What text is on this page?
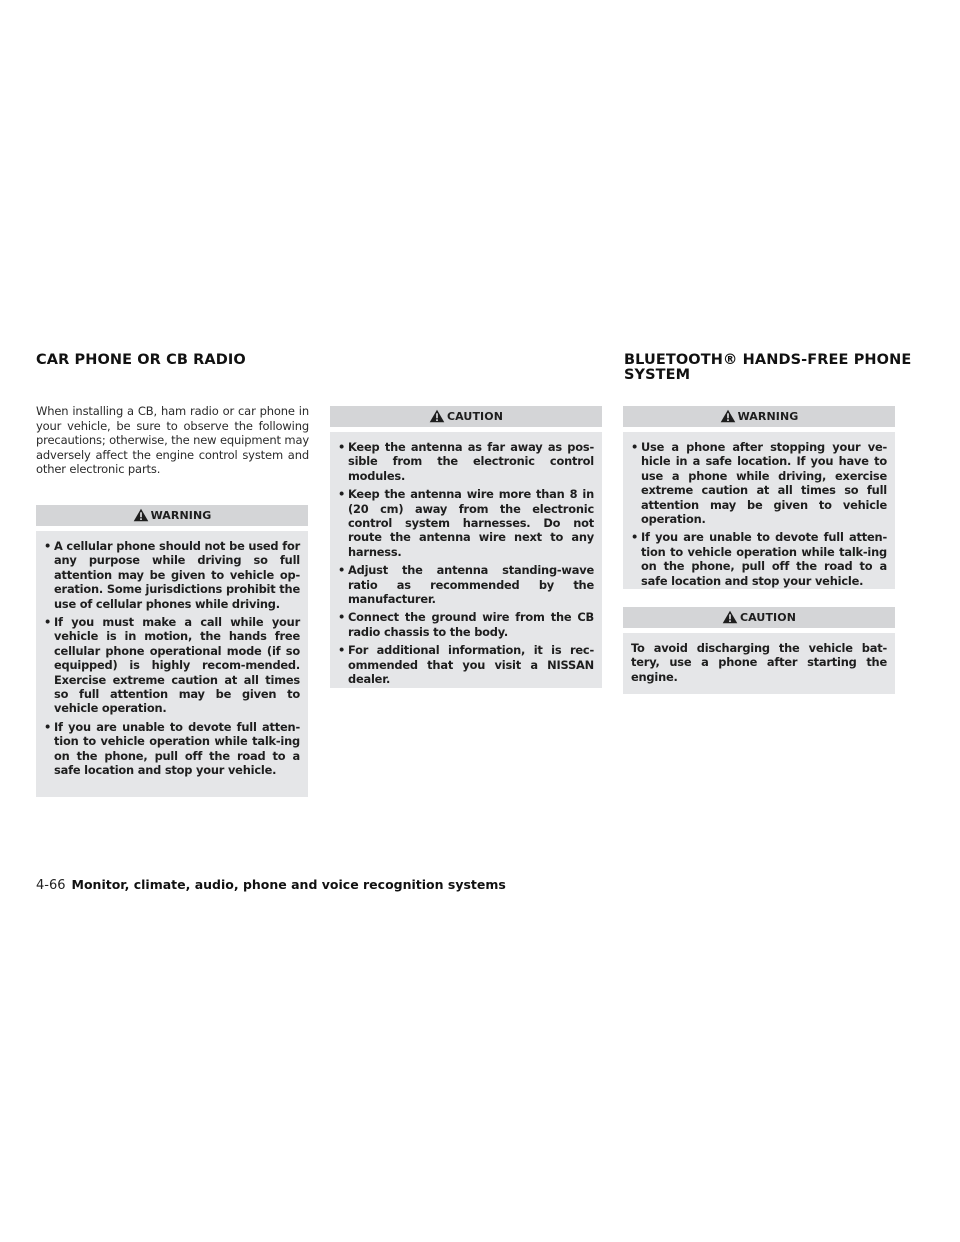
CAR PHONE OR CB RADIO	BLUETOOTH® HANDS-FREE PHONE
SYSTEM

When installing a CB, ham radio or car phone in your vehicle, be sure to observe the following precautions; otherwise, the new equipment may adversely affect the engine control system and other electronic parts.

WARNING
• A cellular phone should not be used for any purpose while driving so full attention may be given to vehicle op-eration. Some jurisdictions prohibit the use of cellular phones while driving.
• If you must make a call while your vehicle is in motion, the hands free cellular phone operational mode (if so equipped) is highly recom-mended. Exercise extreme caution at all times so full attention may be given to vehicle operation.
• If you are unable to devote full atten-tion to vehicle operation while talk-ing on the phone, pull off the road to a safe location and stop your vehicle.
CAUTION
• Keep the antenna as far away as pos-sible from the electronic control modules.
• Keep the antenna wire more than 8 in (20 cm) away from the electronic control system harnesses. Do not route the antenna wire next to any harness.
• Adjust the antenna standing-wave ratio as recommended by the manufacturer.
• Connect the ground wire from the CB radio chassis to the body.
• For additional information, it is rec-ommended that you visit a NISSAN dealer.
WARNING
• Use a phone after stopping your ve-hicle in a safe location. If you have to use a phone while driving, exercise extreme caution at all times so full attention may be given to vehicle operation.
• If you are unable to devote full atten-tion to vehicle operation while talk-ing on the phone, pull off the road to a safe location and stop your vehicle.
CAUTION

To avoid discharging the vehicle bat-tery, use a phone after starting the engine.

4-66 Monitor, climate, audio, phone and voice recognition systems
